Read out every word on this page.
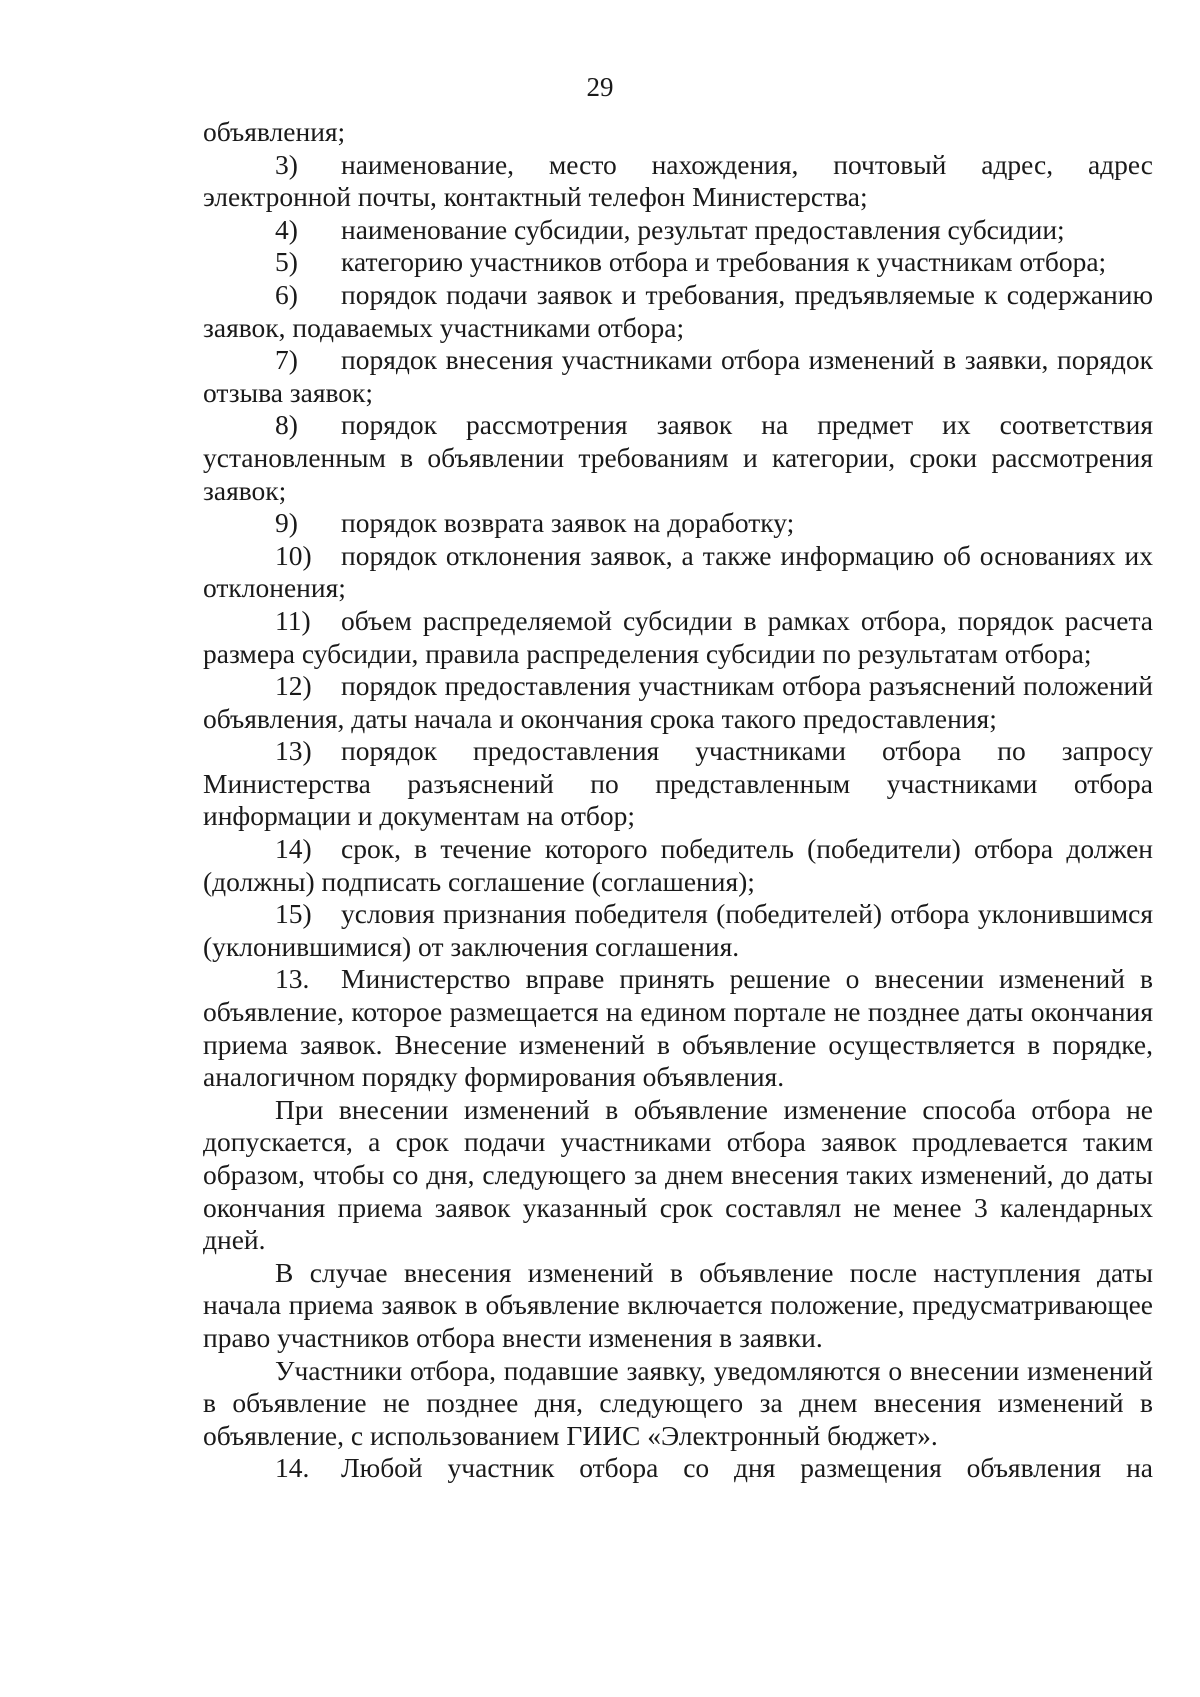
29

объявления;

3) наименование, место нахождения, почтовый адрес, адрес электронной почты, контактный телефон Министерства;

4) наименование субсидии, результат предоставления субсидии;

5) категорию участников отбора и требования к участникам отбора;

6) порядок подачи заявок и требования, предъявляемые к содержанию заявок, подаваемых участниками отбора;

7) порядок внесения участниками отбора изменений в заявки, порядок отзыва заявок;

8) порядок рассмотрения заявок на предмет их соответствия установленным в объявлении требованиям и категории, сроки рассмотрения заявок;

9) порядок возврата заявок на доработку;

10) порядок отклонения заявок, а также информацию об основаниях их отклонения;

11) объем распределяемой субсидии в рамках отбора, порядок расчета размера субсидии, правила распределения субсидии по результатам отбора;

12) порядок предоставления участникам отбора разъяснений положений объявления, даты начала и окончания срока такого предоставления;

13) порядок предоставления участниками отбора по запросу Министерства разъяснений по представленным участниками отбора информации и документам на отбор;

14) срок, в течение которого победитель (победители) отбора должен (должны) подписать соглашение (соглашения);

15) условия признания победителя (победителей) отбора уклонившимся (уклонившимися) от заключения соглашения.

13. Министерство вправе принять решение о внесении изменений в объявление, которое размещается на едином портале не позднее даты окончания приема заявок. Внесение изменений в объявление осуществляется в порядке, аналогичном порядку формирования объявления.

При внесении изменений в объявление изменение способа отбора не допускается, а срок подачи участниками отбора заявок продлевается таким образом, чтобы со дня, следующего за днем внесения таких изменений, до даты окончания приема заявок указанный срок составлял не менее 3 календарных дней.

В случае внесения изменений в объявление после наступления даты начала приема заявок в объявление включается положение, предусматривающее право участников отбора внести изменения в заявки.

Участники отбора, подавшие заявку, уведомляются о внесении изменений в объявление не позднее дня, следующего за днем внесения изменений в объявление, с использованием ГИИС «Электронный бюджет».

14. Любой участник отбора со дня размещения объявления на
